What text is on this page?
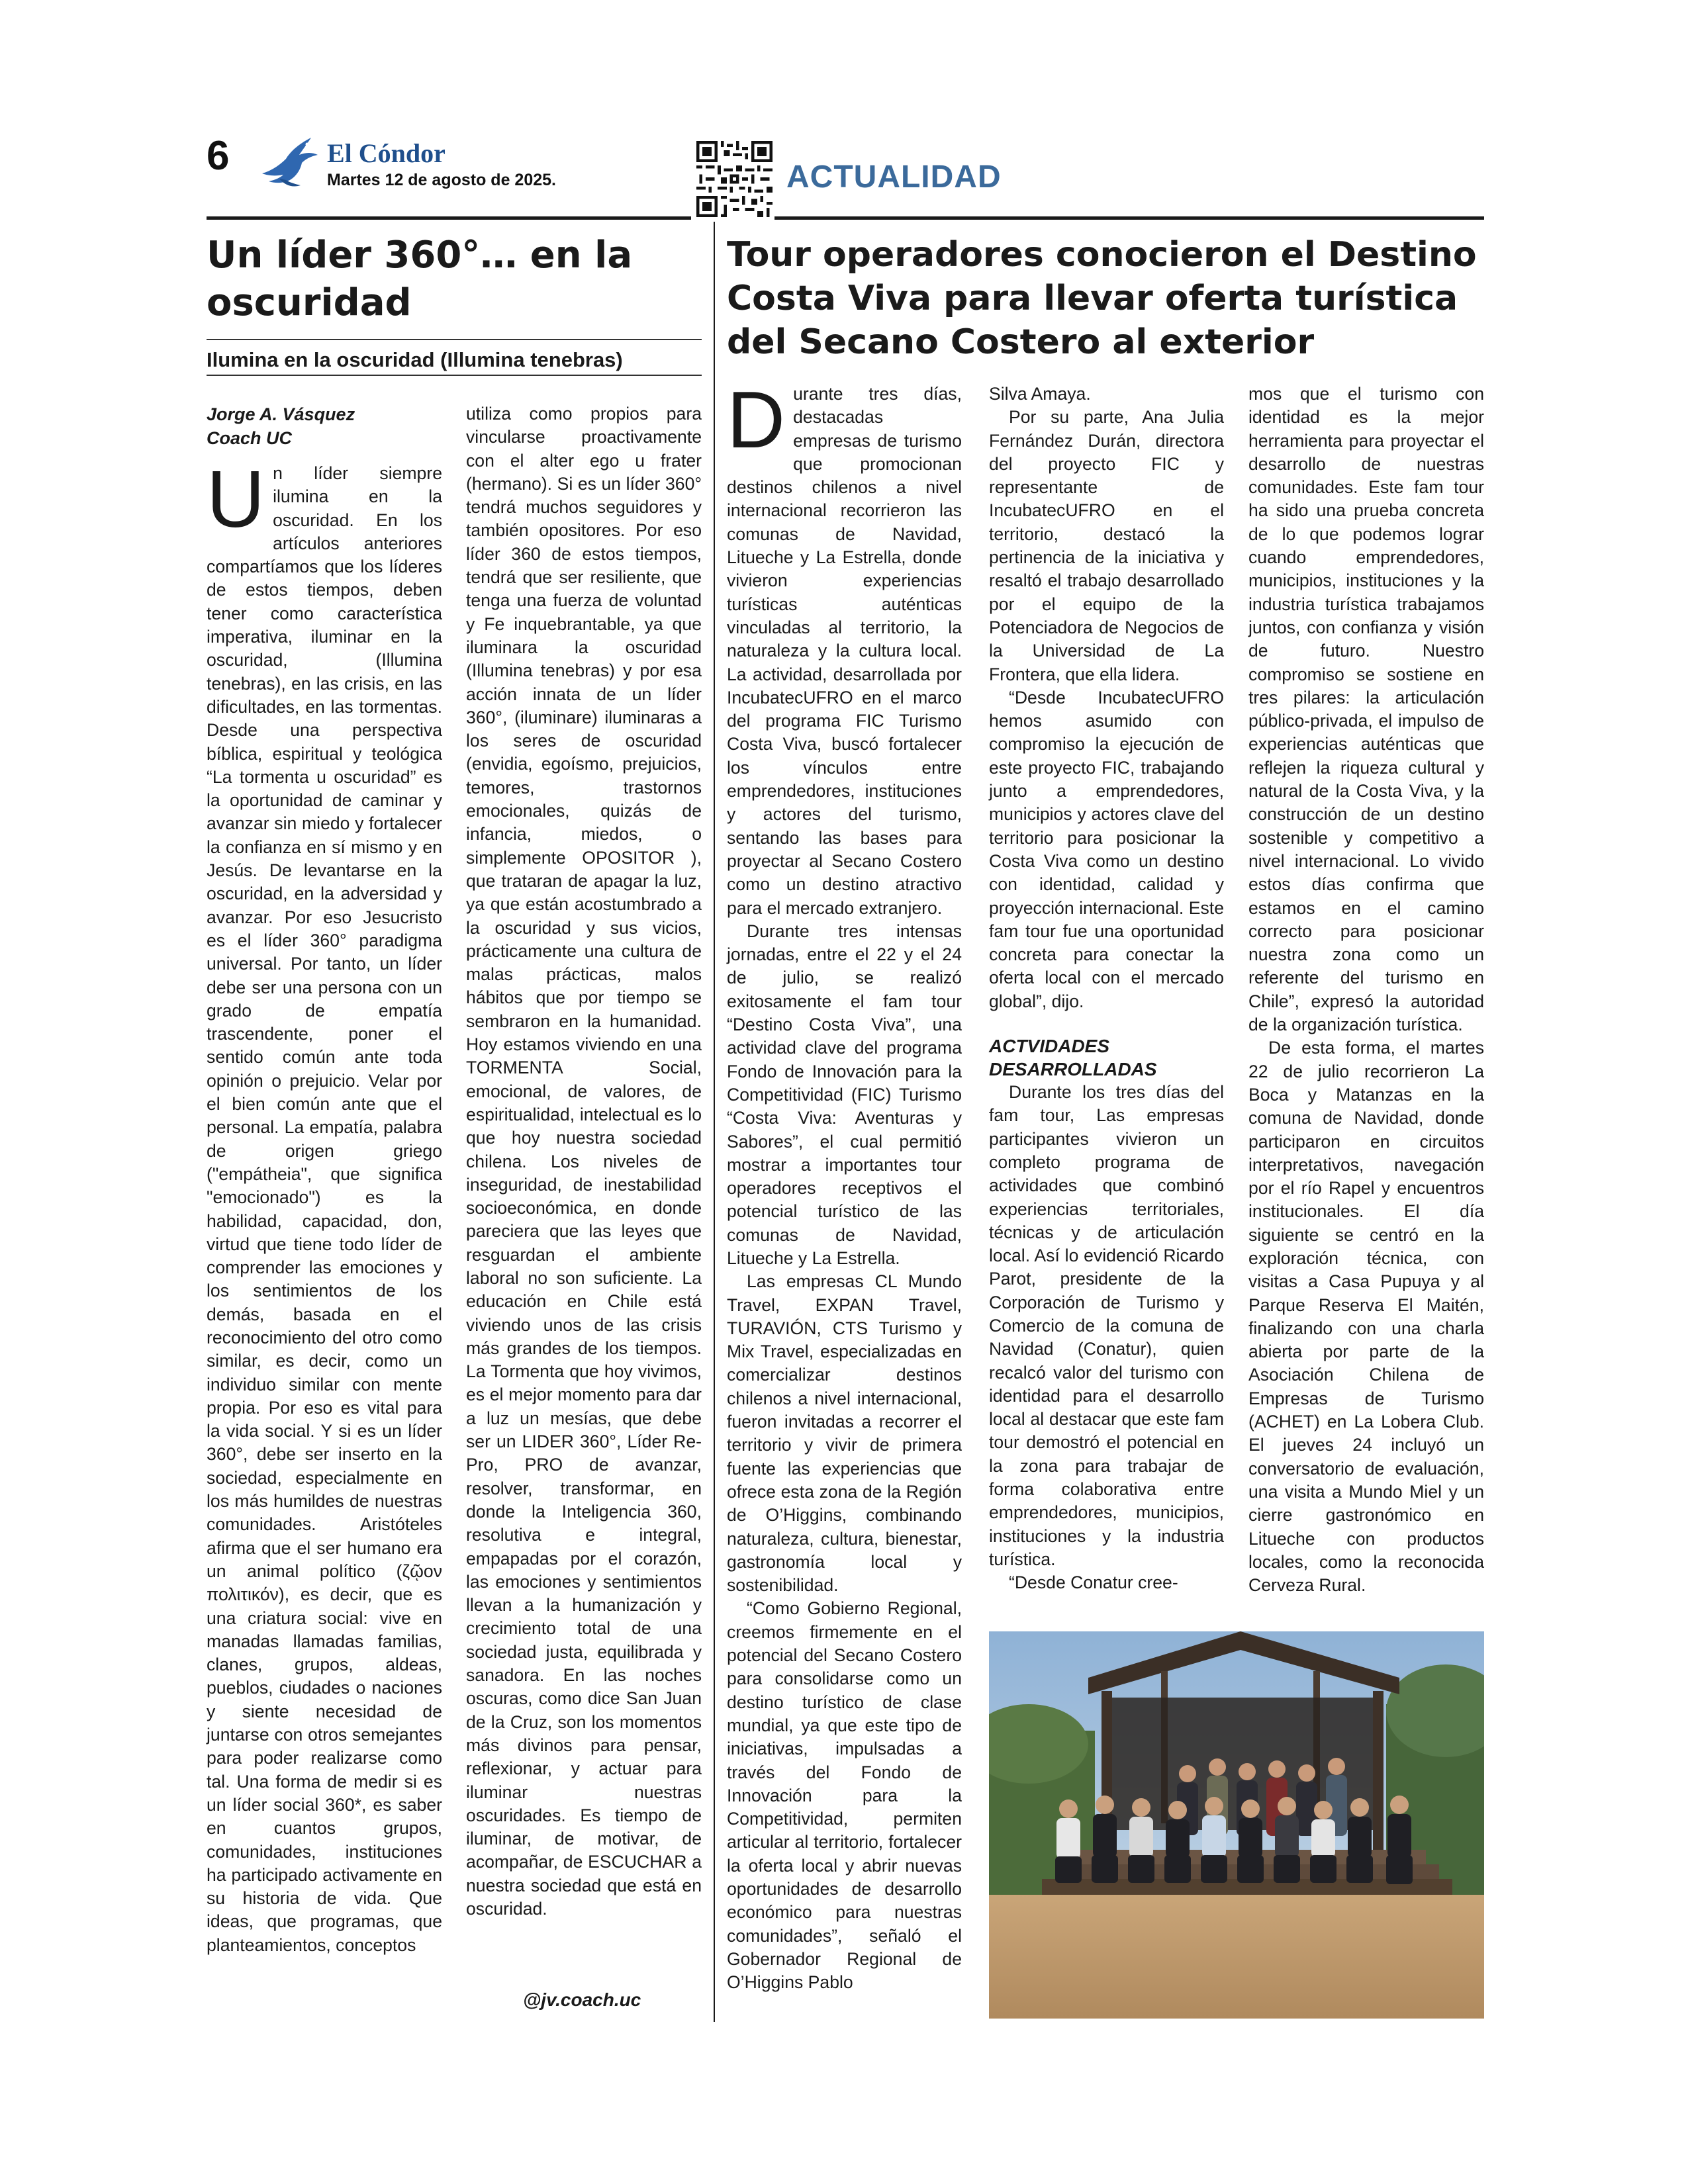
6	El Cóndor
Martes 12 de agosto de 2025.	ACTUALIDAD
Un líder 360°… en la oscuridad
Ilumina en la oscuridad (Illumina tenebras)
Jorge A. Vásquez
Coach UC

Un líder siempre ilumina en la oscuridad. En los artículos anteriores compartíamos que los líderes de estos tiempos, deben tener como característica imperativa, iluminar en la oscuridad, (Illumina tenebras), en las crisis, en las dificultades, en las tormentas. Desde una perspectiva bíblica, espiritual y teológica “La tormenta u oscuridad” es la oportunidad de caminar y avanzar sin miedo y fortalecer la confianza en sí mismo y en Jesús. De levantarse en la oscuridad, en la adversidad y avanzar. Por eso Jesucristo es el líder 360° paradigma universal. Por tanto, un líder debe ser una persona con un grado de empatía trascendente, poner el sentido común ante toda opinión o prejuicio. Velar por el bien común ante que el personal. La empatía, palabra de origen griego ("empátheia", que significa "emocionado") es la habilidad, capacidad, don, virtud que tiene todo líder de comprender las emociones y los sentimientos de los demás, basada en el reconocimiento del otro como similar, es decir, como un individuo similar con mente propia. Por eso es vital para la vida social. Y si es un líder 360°, debe ser inserto en la sociedad, especialmente en los más humildes de nuestras comunidades. Aristóteles afirma que el ser humano era un animal político (ζῷον πολιτικόν), es decir, que es una criatura social: vive en manadas llamadas familias, clanes, grupos, aldeas, pueblos, ciudades o naciones y siente necesidad de juntarse con otros semejantes para poder realizarse como tal. Una forma de medir si es un líder social 360*, es saber en cuantos grupos, comunidades, instituciones ha participado activamente en su historia de vida. Que ideas, que programas, que planteamientos, conceptos

utiliza como propios para vincularse proactivamente con el alter ego u frater (hermano). Si es un líder 360° tendrá muchos seguidores y también opositores. Por eso líder 360 de estos tiempos, tendrá que ser resiliente, que tenga una fuerza de voluntad y Fe inquebrantable, ya que iluminara la oscuridad (Illumina tenebras) y por esa acción innata de un líder 360°, (iluminare) iluminaras a los seres de oscuridad (envidia, egoísmo, prejuicios, temores, trastornos emocionales, quizás de infancia, miedos, o simplemente OPOSITOR ), que trataran de apagar la luz, ya que están acostumbrado a la oscuridad y sus vicios, prácticamente una cultura de malas prácticas, malos hábitos que por tiempo se sembraron en la humanidad. Hoy estamos viviendo en una TORMENTA Social, emocional, de valores, de espiritualidad, intelectual es lo que hoy nuestra sociedad chilena. Los niveles de inseguridad, de inestabilidad socioeconómica, en donde pareciera que las leyes que resguardan el ambiente laboral no son suficiente. La educación en Chile está viviendo unos de las crisis más grandes de los tiempos. La Tormenta que hoy vivimos, es el mejor momento para dar a luz un mesías, que debe ser un LIDER 360°, Líder Re-Pro, PRO de avanzar, resolver, transformar, en donde la Inteligencia 360, resolutiva e integral, empapadas por el corazón, las emociones y sentimientos llevan a la humanización y crecimiento total de una sociedad justa, equilibrada y sanadora. En las noches oscuras, como dice San Juan de la Cruz, son los momentos más divinos para pensar, reflexionar, y actuar para iluminar nuestras oscuridades. Es tiempo de iluminar, de motivar, de acompañar, de ESCUCHAR a nuestra sociedad que está en oscuridad.

@jv.coach.uc
Tour operadores conocieron el Destino Costa Viva para llevar oferta turística del Secano Costero al exterior

Durante tres días, destacadas empresas de turismo que promocionan destinos chilenos a nivel internacional recorrieron las comunas de Navidad, Litueche y La Estrella, donde vivieron experiencias turísticas auténticas vinculadas al territorio, la naturaleza y la cultura local. La actividad, desarrollada por IncubatecUFRO en el marco del programa FIC Turismo Costa Viva, buscó fortalecer los vínculos entre emprendedores, instituciones y actores del turismo, sentando las bases para proyectar al Secano Costero como un destino atractivo para el mercado extranjero.

Durante tres intensas jornadas, entre el 22 y el 24 de julio, se realizó exitosamente el fam tour “Destino Costa Viva”, una actividad clave del programa Fondo de Innovación para la Competitividad (FIC) Turismo “Costa Viva: Aventuras y Sabores”, el cual permitió mostrar a importantes tour operadores receptivos el potencial turístico de las comunas de Navidad, Litueche y La Estrella.

Las empresas CL Mundo Travel, EXPAN Travel, TURAVIÓN, CTS Turismo y Mix Travel, especializadas en comercializar destinos chilenos a nivel internacional, fueron invitadas a recorrer el territorio y vivir de primera fuente las experiencias que ofrece esta zona de la Región de O’Higgins, combinando naturaleza, cultura, bienestar, gastronomía local y sostenibilidad.

“Como Gobierno Regional, creemos firmemente en el potencial del Secano Costero para consolidarse como un destino turístico de clase mundial, ya que este tipo de iniciativas, impulsadas a través del Fondo de Innovación para la Competitividad, permiten articular al territorio, fortalecer la oferta local y abrir nuevas oportunidades de desarrollo económico para nuestras comunidades”, señaló el Gobernador Regional de O’Higgins Pablo

Silva Amaya.

Por su parte, Ana Julia Fernández Durán, directora del proyecto FIC y representante de IncubatecUFRO en el territorio, destacó la pertinencia de la iniciativa y resaltó el trabajo desarrollado por el equipo de la Potenciadora de Negocios de la Universidad de La Frontera, que ella lidera.

“Desde IncubatecUFRO hemos asumido con compromiso la ejecución de este proyecto FIC, trabajando junto a emprendedores, municipios y actores clave del territorio para posicionar la Costa Viva como un destino con identidad, calidad y proyección internacional. Este fam tour fue una oportunidad concreta para conectar la oferta local con el mercado global”, dijo.

ACTVIDADES DESARROLLADAS

Durante los tres días del fam tour, Las empresas participantes vivieron un completo programa de actividades que combinó experiencias territoriales, técnicas y de articulación local. Así lo evidenció Ricardo Parot, presidente de la Corporación de Turismo y Comercio de la comuna de Navidad (Conatur), quien recalcó valor del turismo con identidad para el desarrollo local al destacar que este fam tour demostró el potencial en la zona para trabajar de forma colaborativa entre emprendedores, municipios, instituciones y la industria turística.

“Desde Conatur cree-

mos que el turismo con identidad es la mejor herramienta para proyectar el desarrollo de nuestras comunidades. Este fam tour ha sido una prueba concreta de lo que podemos lograr cuando emprendedores, municipios, instituciones y la industria turística trabajamos juntos, con confianza y visión de futuro. Nuestro compromiso se sostiene en tres pilares: la articulación público-privada, el impulso de experiencias auténticas que reflejen la riqueza cultural y natural de la Costa Viva, y la construcción de un destino sostenible y competitivo a nivel internacional. Lo vivido estos días confirma que estamos en el camino correcto para posicionar nuestra zona como un referente del turismo en Chile”, expresó la autoridad de la organización turística.

De esta forma, el martes 22 de julio recorrieron La Boca y Matanzas en la comuna de Navidad, donde participaron en circuitos interpretativos, navegación por el río Rapel y encuentros institucionales. El día siguiente se centró en la exploración técnica, con visitas a Casa Pupuya y al Parque Reserva El Maitén, finalizando con una charla abierta por parte de la Asociación Chilena de Empresas de Turismo (ACHET) en La Lobera Club. El jueves 24 incluyó un conversatorio de evaluación, una visita a Mundo Miel y un cierre gastronómico en Litueche con productos locales, como la reconocida Cerveza Rural.
